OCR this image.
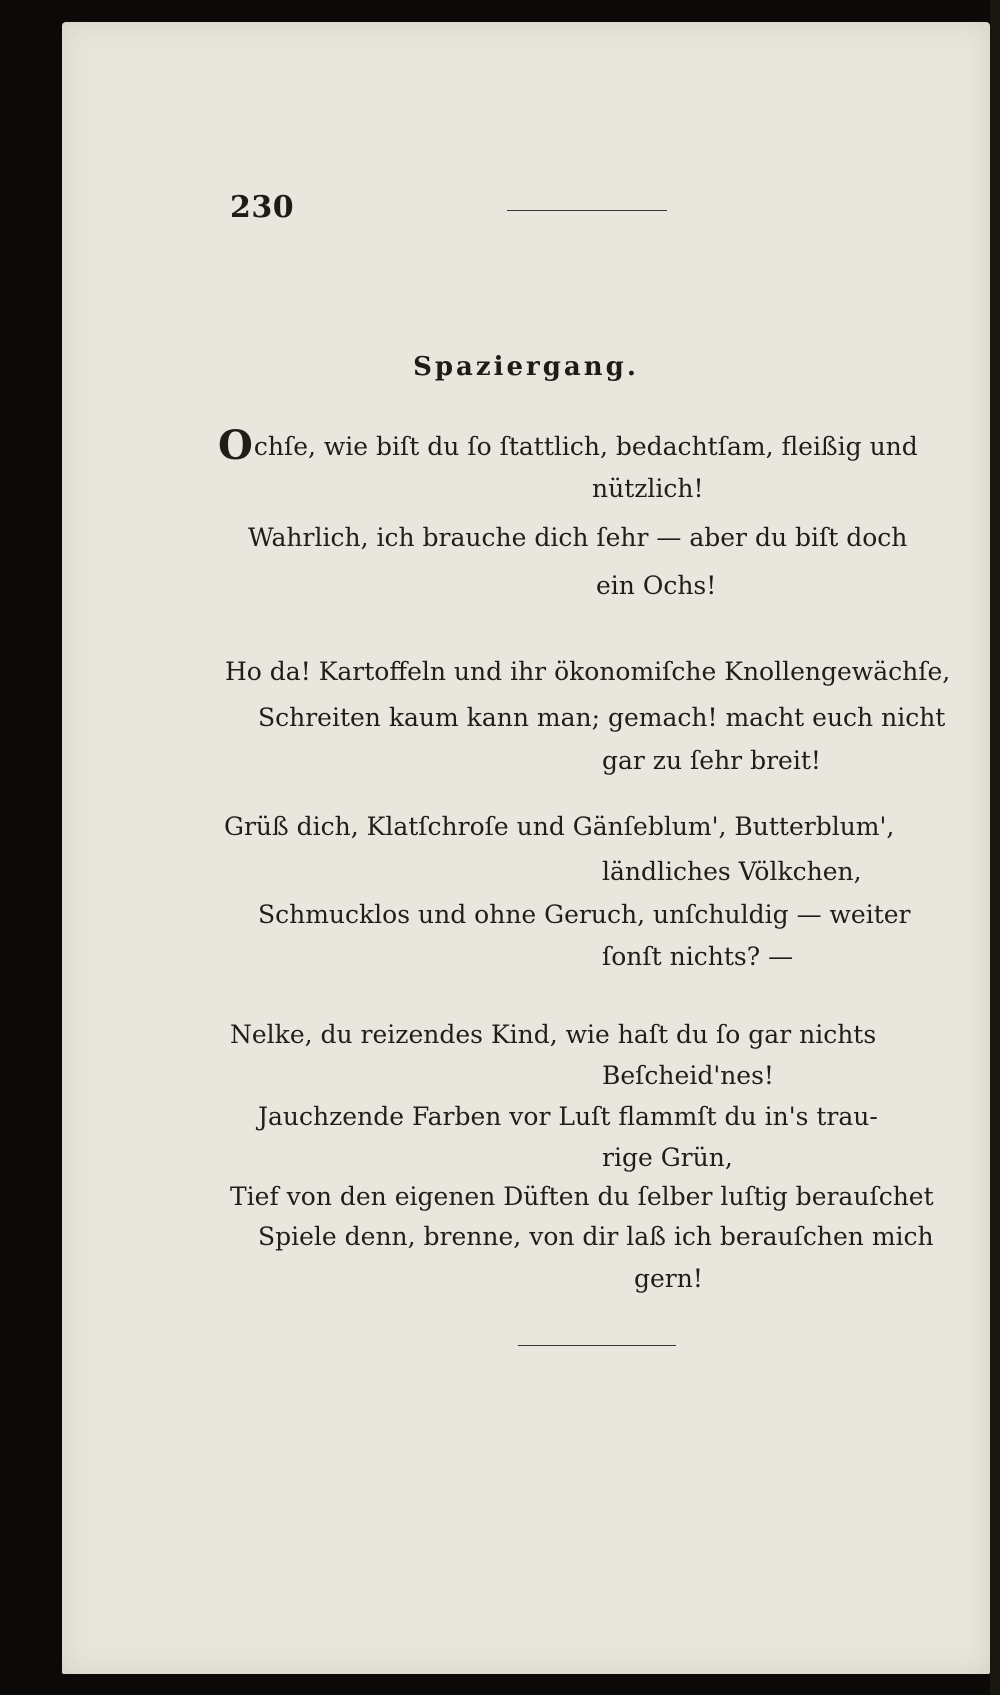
230
Spaziergang.
Ochſe, wie biſt du ſo ſtattlich, bedachtſam, fleißig und
nützlich!
Wahrlich, ich brauche dich ſehr — aber du biſt doch
ein Ochs!
Ho da! Kartoffeln und ihr ökonomiſche Knollengewächſe,
Schreiten kaum kann man; gemach! macht euch nicht
gar zu ſehr breit!
Grüß dich, Klatſchroſe und Gänſeblum', Butterblum',
ländliches Völkchen,
Schmucklos und ohne Geruch, unſchuldig — weiter
ſonſt nichts? —
Nelke, du reizendes Kind, wie haſt du ſo gar nichts
Beſcheid'nes!
Jauchzende Farben vor Luſt flammſt du in's trau-
rige Grün,
Tief von den eigenen Düften du ſelber luſtig berauſchet
Spiele denn, brenne, von dir laß ich berauſchen mich
gern!
